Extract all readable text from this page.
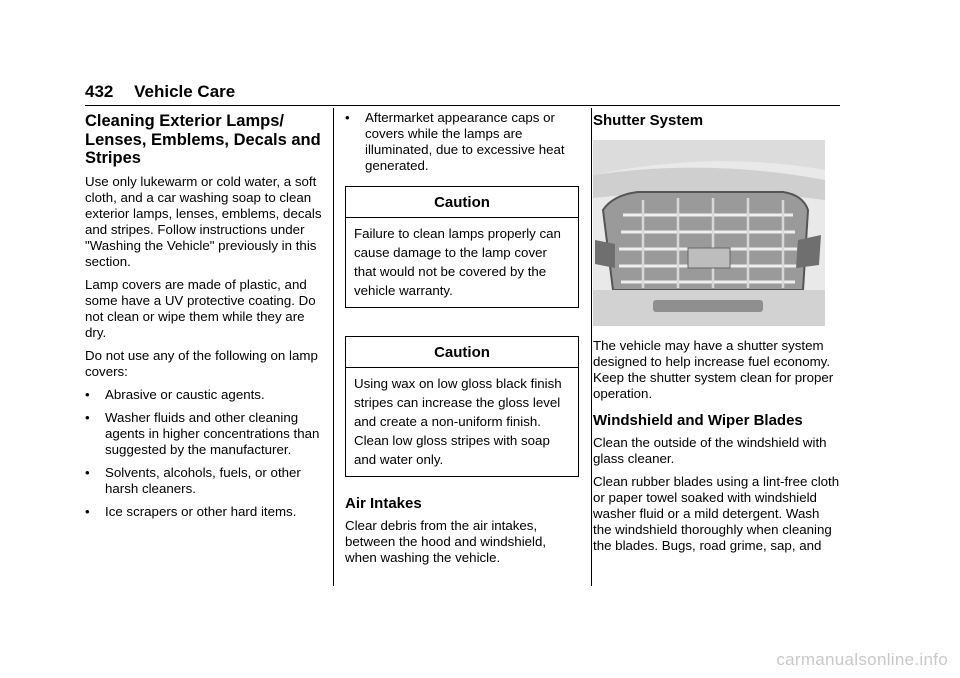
432 Vehicle Care
Cleaning Exterior Lamps/ Lenses, Emblems, Decals and Stripes

Use only lukewarm or cold water, a soft cloth, and a car washing soap to clean exterior lamps, lenses, emblems, decals and stripes. Follow instructions under "Washing the Vehicle" previously in this section.

Lamp covers are made of plastic, and some have a UV protective coating. Do not clean or wipe them while they are dry.

Do not use any of the following on lamp covers:

•	Abrasive or caustic agents.
•	Washer fluids and other cleaning agents in higher concentrations than suggested by the manufacturer.
•	Solvents, alcohols, fuels, or other harsh cleaners.
•	Ice scrapers or other hard items.
•	Aftermarket appearance caps or covers while the lamps are illuminated, due to excessive heat generated.
Caution
Failure to clean lamps properly can cause damage to the lamp cover that would not be covered by the vehicle warranty.
Caution
Using wax on low gloss black finish stripes can increase the gloss level and create a non-uniform finish. Clean low gloss stripes with soap and water only.
Air Intakes

Clear debris from the air intakes, between the hood and windshield, when washing the vehicle.

Shutter System

The vehicle may have a shutter system designed to help increase fuel economy. Keep the shutter system clean for proper operation.

Windshield and Wiper Blades

Clean the outside of the windshield with glass cleaner.

Clean rubber blades using a lint-free cloth or paper towel soaked with windshield washer fluid or a mild detergent. Wash the windshield thoroughly when cleaning the blades. Bugs, road grime, sap, and

carmanualsonline.info
